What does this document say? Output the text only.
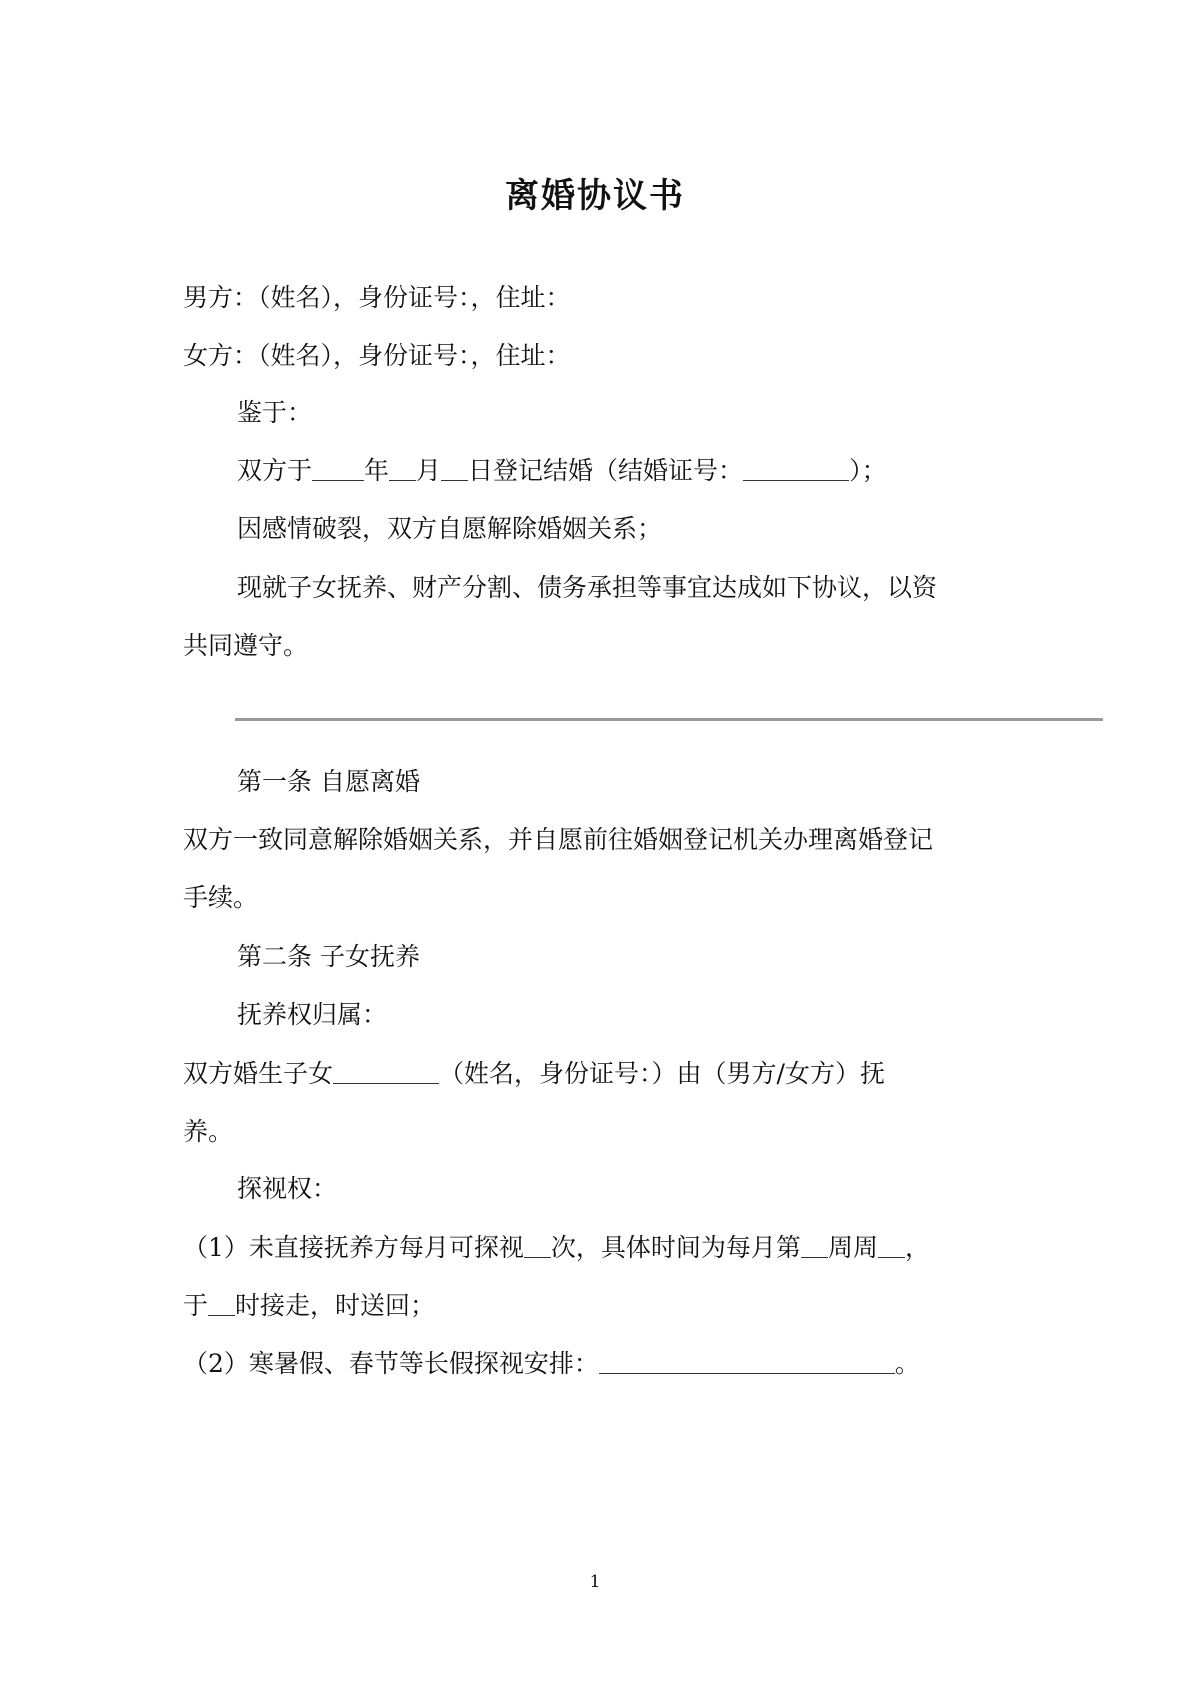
离婚协议书
男方：（姓名），身份证号：，住址：
女方：（姓名），身份证号：，住址：
鉴于：
双方于 年 月 日登记结婚（结婚证号：	）；
因感情破裂，双方自愿解除婚姻关系；
现就子女抚养、财产分割、债务承担等事宜达成如下协议，以资
共同遵守。
第一条 自愿离婚
双方一致同意解除婚姻关系，并自愿前往婚姻登记机关办理离婚登记
手续。
第二条 子女抚养
抚养权归属：
双方婚生子女	（姓名，身份证号：）由（男方/女方）抚
养。
探视权：
（1）未直接抚养方每月可探视 次，具体时间为每月第 周周 ，
于 时接走，时送回；
（2）寒暑假、春节等长假探视安排：	。
1
